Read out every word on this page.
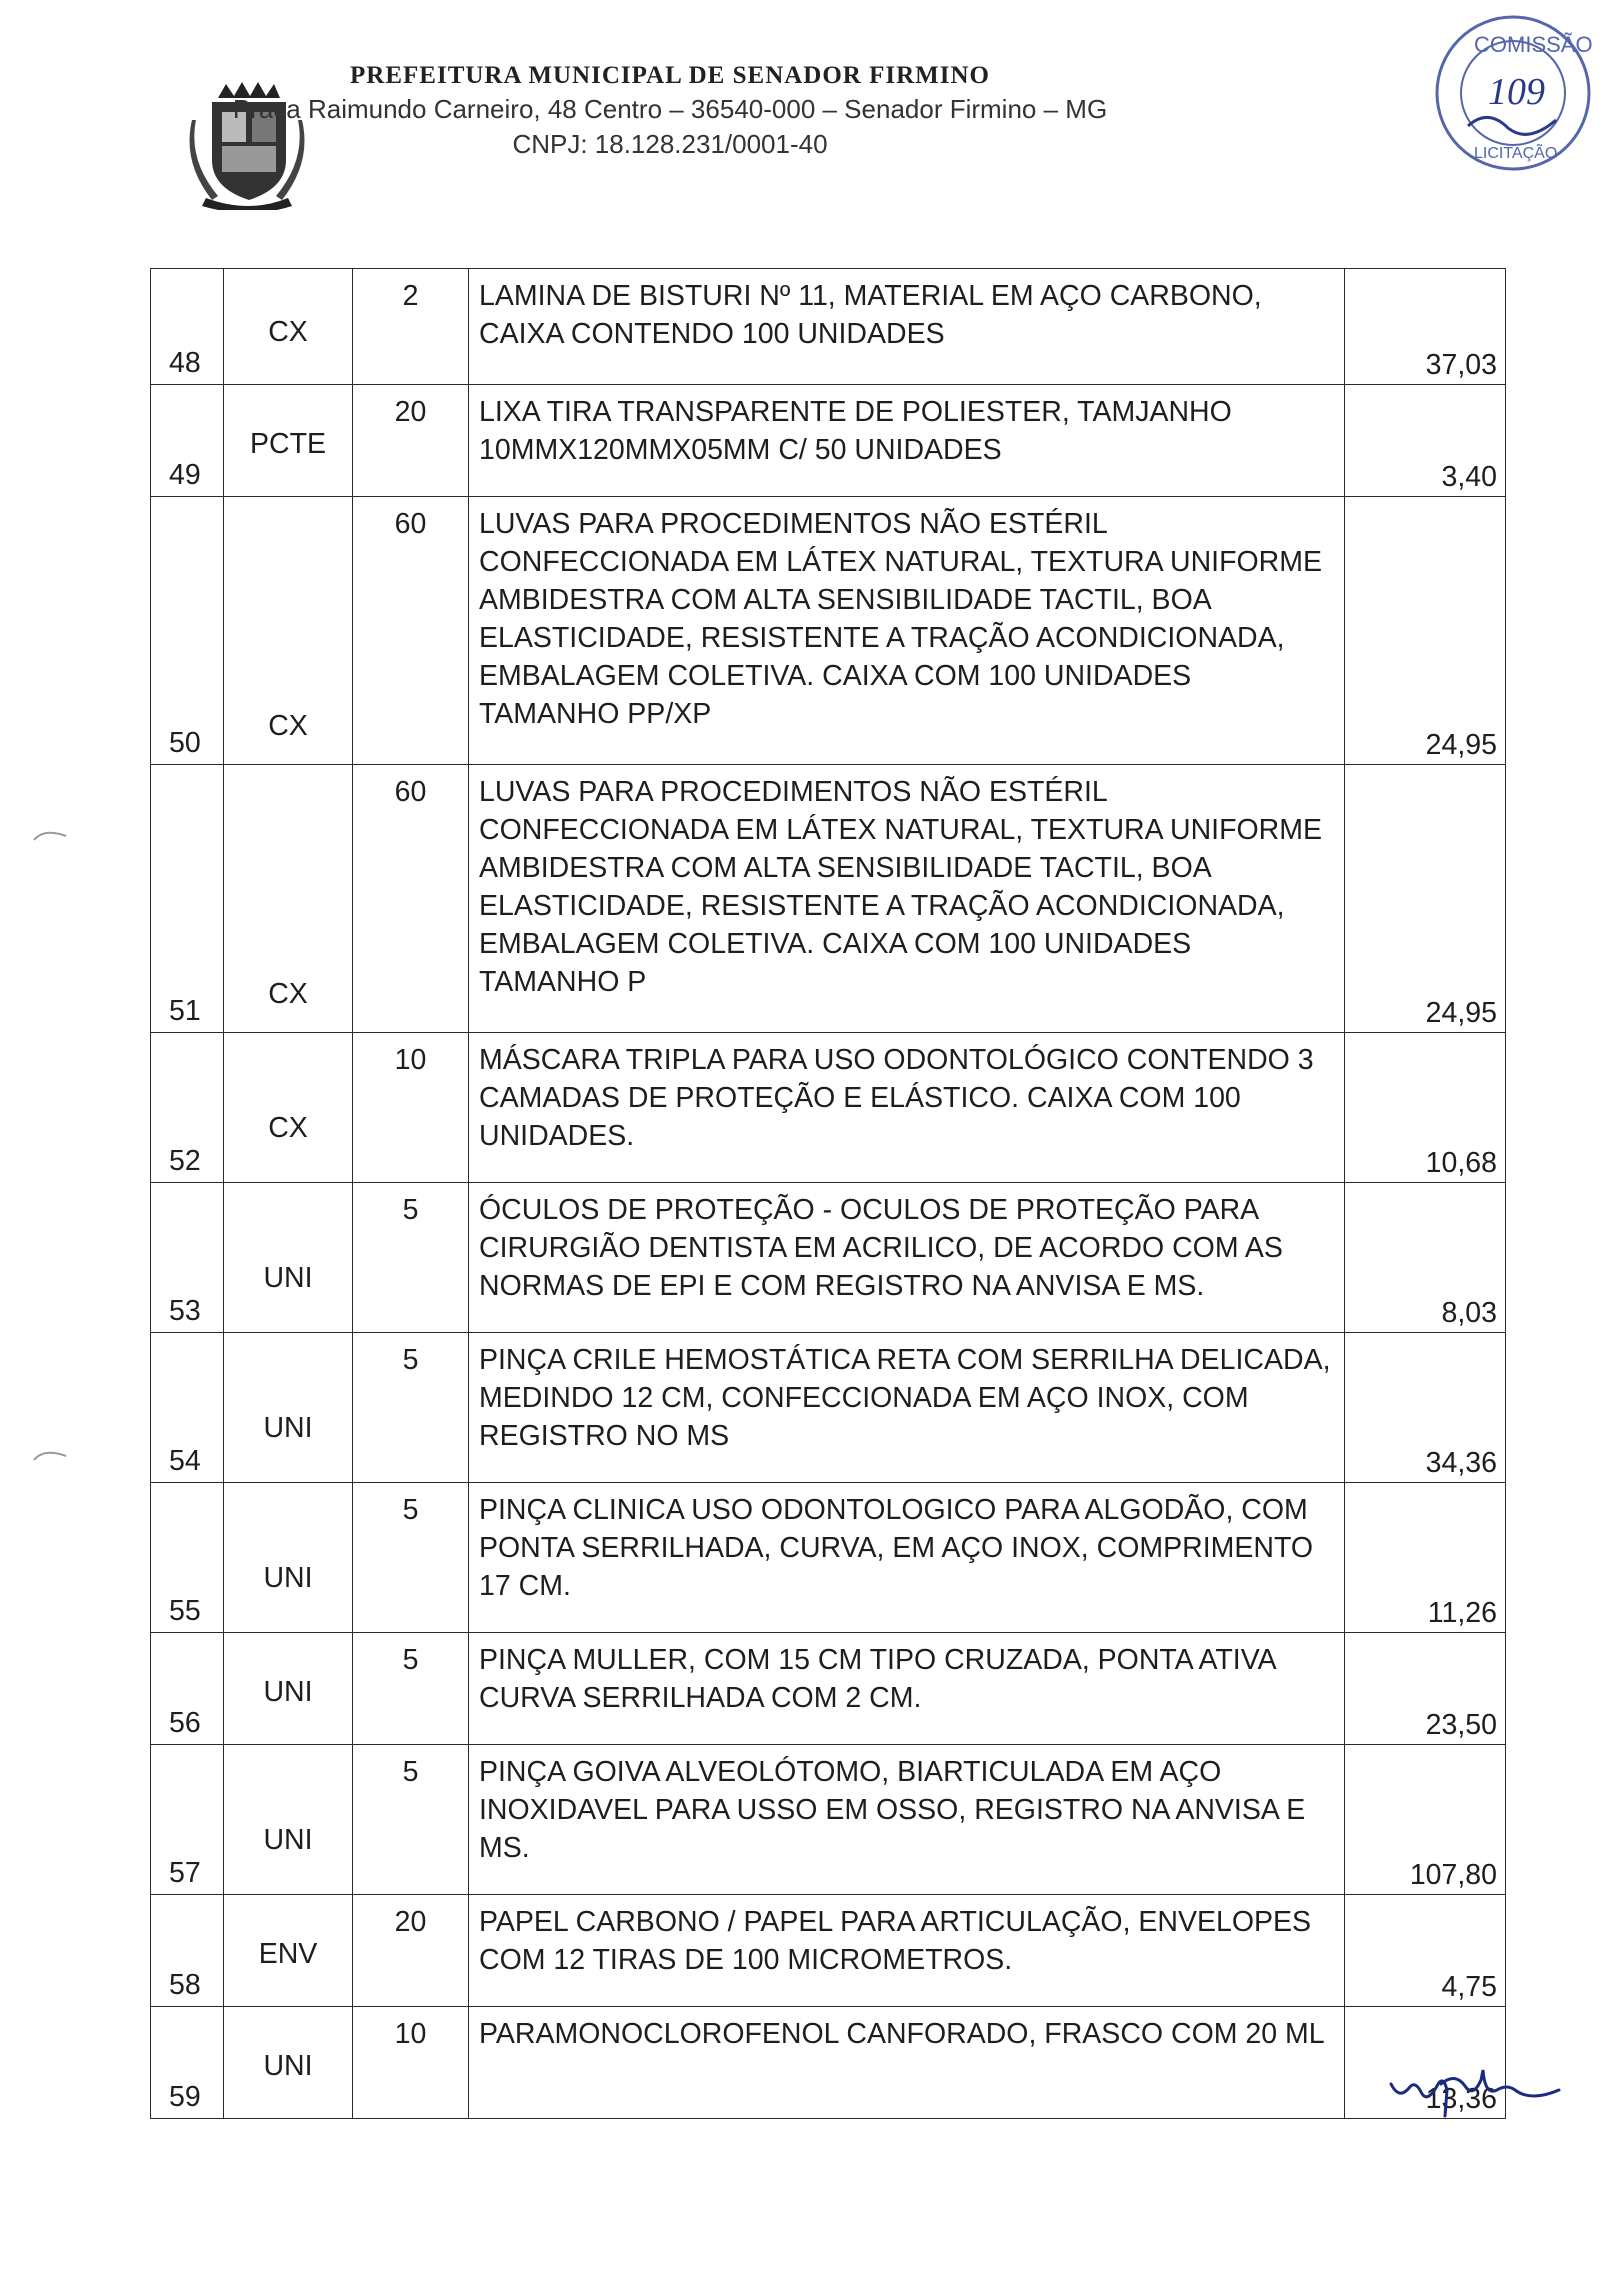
PREFEITURA MUNICIPAL DE SENADOR FIRMINO
Praça Raimundo Carneiro, 48 Centro – 36540-000 – Senador Firmino – MG
CNPJ: 18.128.231/0001-40
COMISSÃO
109
LICITAÇÃO
48	CX	2	LAMINA DE BISTURI Nº 11, MATERIAL EM AÇO CARBONO, CAIXA CONTENDO 100 UNIDADES	37,03

49	PCTE	20	LIXA TIRA TRANSPARENTE DE POLIESTER, TAMJANHO 10MMX120MMX05MM C/ 50 UNIDADES	3,40

50	CX	60	LUVAS PARA PROCEDIMENTOS NÃO ESTÉRIL CONFECCIONADA EM LÁTEX NATURAL, TEXTURA UNIFORME AMBIDESTRA COM ALTA SENSIBILIDADE TACTIL, BOA ELASTICIDADE, RESISTENTE A TRAÇÃO ACONDICIONADA, EMBALAGEM COLETIVA. CAIXA COM 100 UNIDADES TAMANHO PP/XP	24,95

51	CX	60	LUVAS PARA PROCEDIMENTOS NÃO ESTÉRIL CONFECCIONADA EM LÁTEX NATURAL, TEXTURA UNIFORME AMBIDESTRA COM ALTA SENSIBILIDADE TACTIL, BOA ELASTICIDADE, RESISTENTE A TRAÇÃO ACONDICIONADA, EMBALAGEM COLETIVA. CAIXA COM 100 UNIDADES TAMANHO P	24,95

52	CX	10	MÁSCARA TRIPLA PARA USO ODONTOLÓGICO CONTENDO 3 CAMADAS DE PROTEÇÃO E ELÁSTICO. CAIXA COM 100 UNIDADES.	10,68

53	UNI	5	ÓCULOS DE PROTEÇÃO - OCULOS DE PROTEÇÃO PARA CIRURGIÃO DENTISTA EM ACRILICO, DE ACORDO COM AS NORMAS DE EPI E COM REGISTRO NA ANVISA E MS.	8,03

54	UNI	5	PINÇA CRILE HEMOSTÁTICA RETA COM SERRILHA DELICADA, MEDINDO 12 CM, CONFECCIONADA EM AÇO INOX, COM REGISTRO NO MS	34,36

55	UNI	5	PINÇA CLINICA USO ODONTOLOGICO PARA ALGODÃO, COM PONTA SERRILHADA, CURVA, EM AÇO INOX, COMPRIMENTO 17 CM.	11,26

56	UNI	5	PINÇA MULLER, COM 15 CM TIPO CRUZADA, PONTA ATIVA CURVA SERRILHADA COM 2 CM.	23,50

57	UNI	5	PINÇA GOIVA ALVEOLÓTOMO, BIARTICULADA EM AÇO INOXIDAVEL PARA USSO EM OSSO, REGISTRO NA ANVISA E MS.	107,80

58	ENV	20	PAPEL CARBONO / PAPEL PARA ARTICULAÇÃO, ENVELOPES COM 12 TIRAS DE 100 MICROMETROS.	4,75

59	UNI	10	PARAMONOCLOROFENOL CANFORADO, FRASCO COM 20 ML	13,36
